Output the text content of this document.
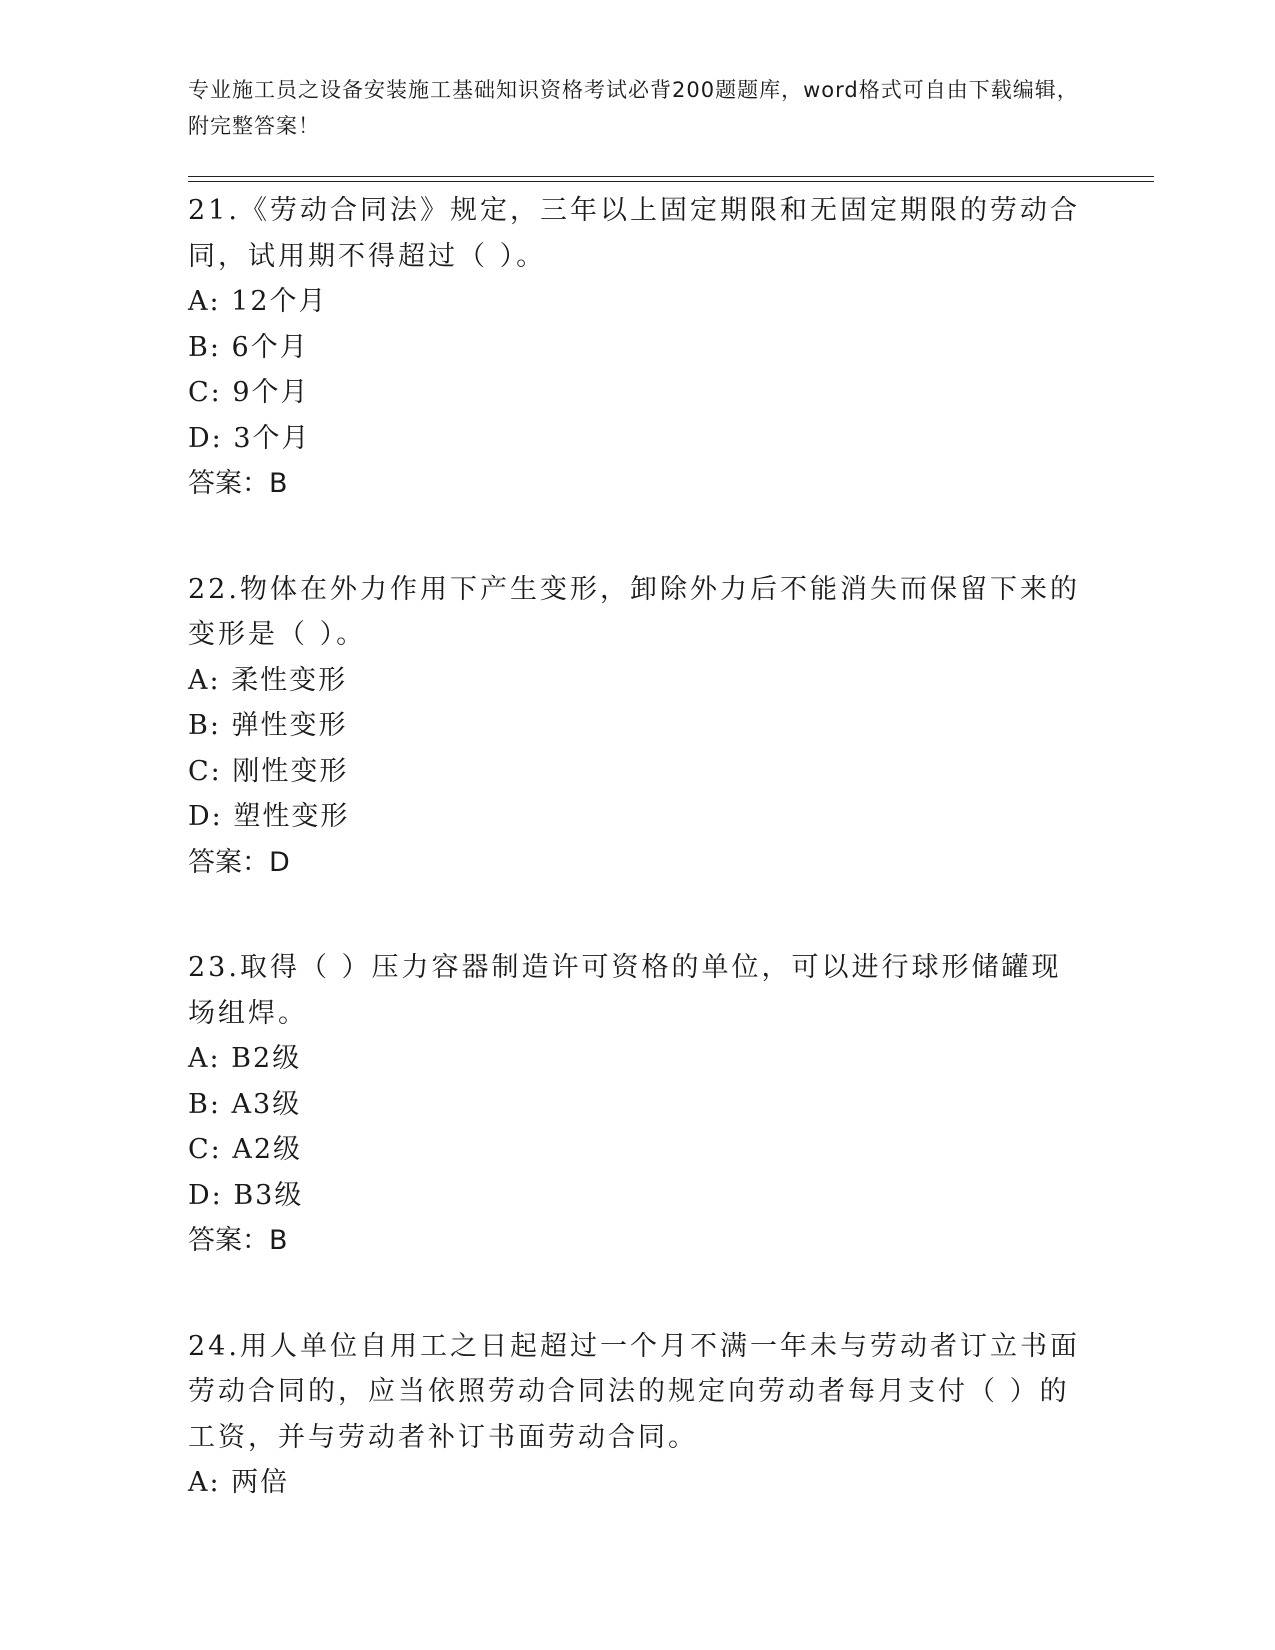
专业施工员之设备安装施工基础知识资格考试必背200题题库，word格式可自由下载编辑，附完整答案！

21.《劳动合同法》规定，三年以上固定期限和无固定期限的劳动合同，试用期不得超过（ ）。

A: 12个月

B: 6个月

C: 9个月

D: 3个月

答案：B

22.物体在外力作用下产生变形，卸除外力后不能消失而保留下来的变形是（ ）。

A: 柔性变形

B: 弹性变形

C: 刚性变形

D: 塑性变形

答案：D

23.取得（ ）压力容器制造许可资格的单位，可以进行球形储罐现场组焊。

A: B2级

B: A3级

C: A2级

D: B3级

答案：B

24.用人单位自用工之日起超过一个月不满一年未与劳动者订立书面劳动合同的，应当依照劳动合同法的规定向劳动者每月支付（ ）的工资，并与劳动者补订书面劳动合同。

A: 两倍
